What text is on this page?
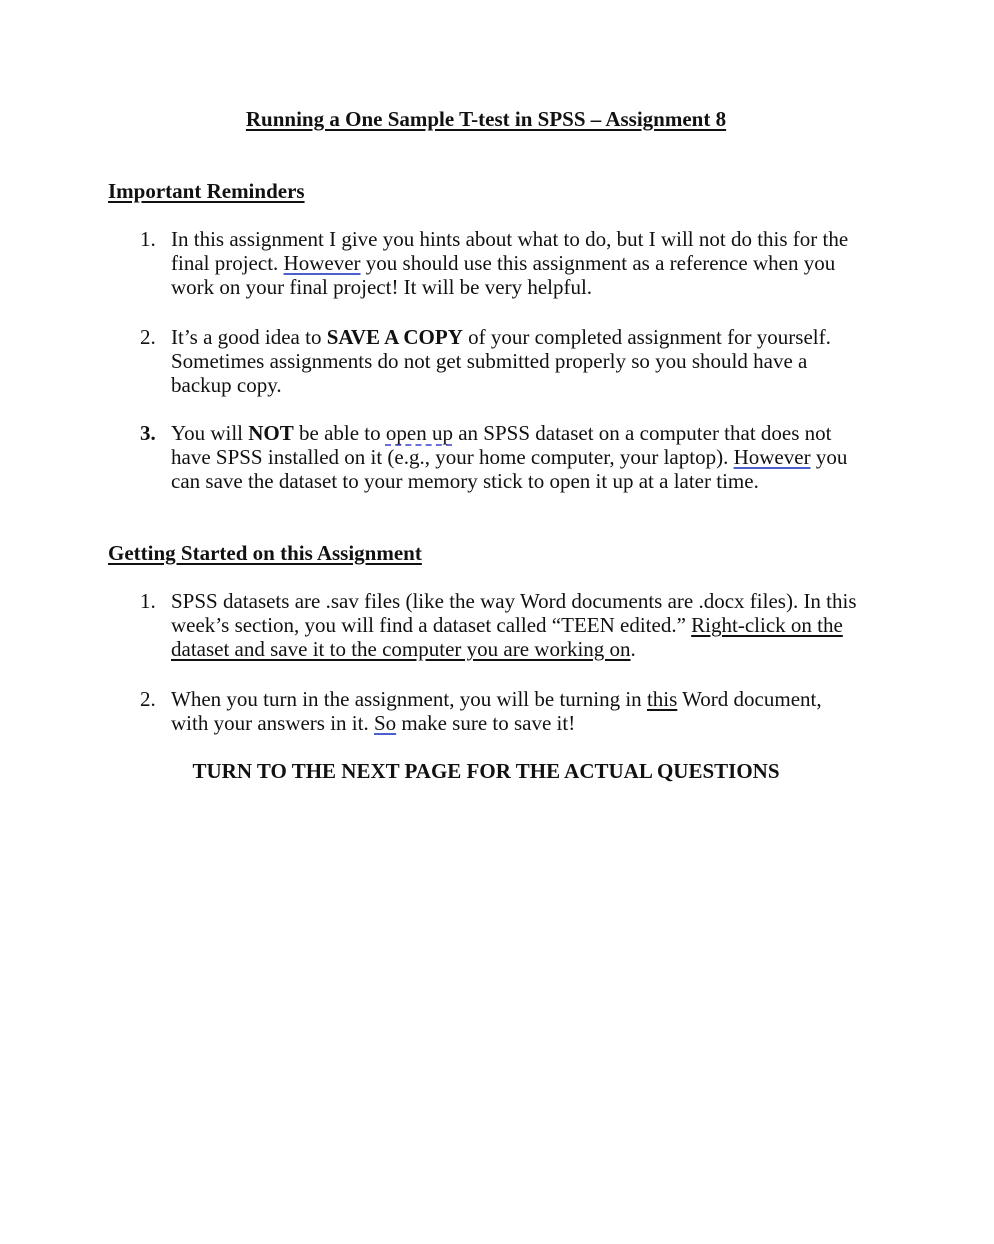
Running a One Sample T-test in SPSS – Assignment 8
Important Reminders
1. In this assignment I give you hints about what to do, but I will not do this for the
final project. However you should use this assignment as a reference when you
work on your final project! It will be very helpful.
2. It’s a good idea to SAVE A COPY of your completed assignment for yourself.
Sometimes assignments do not get submitted properly so you should have a
backup copy.
3. You will NOT be able to open up an SPSS dataset on a computer that does not
have SPSS installed on it (e.g., your home computer, your laptop). However you
can save the dataset to your memory stick to open it up at a later time.
Getting Started on this Assignment
1. SPSS datasets are .sav files (like the way Word documents are .docx files). In this
week’s section, you will find a dataset called “TEEN edited.” Right-click on the
dataset and save it to the computer you are working on.
2. When you turn in the assignment, you will be turning in this Word document,
with your answers in it. So make sure to save it!
TURN TO THE NEXT PAGE FOR THE ACTUAL QUESTIONS
